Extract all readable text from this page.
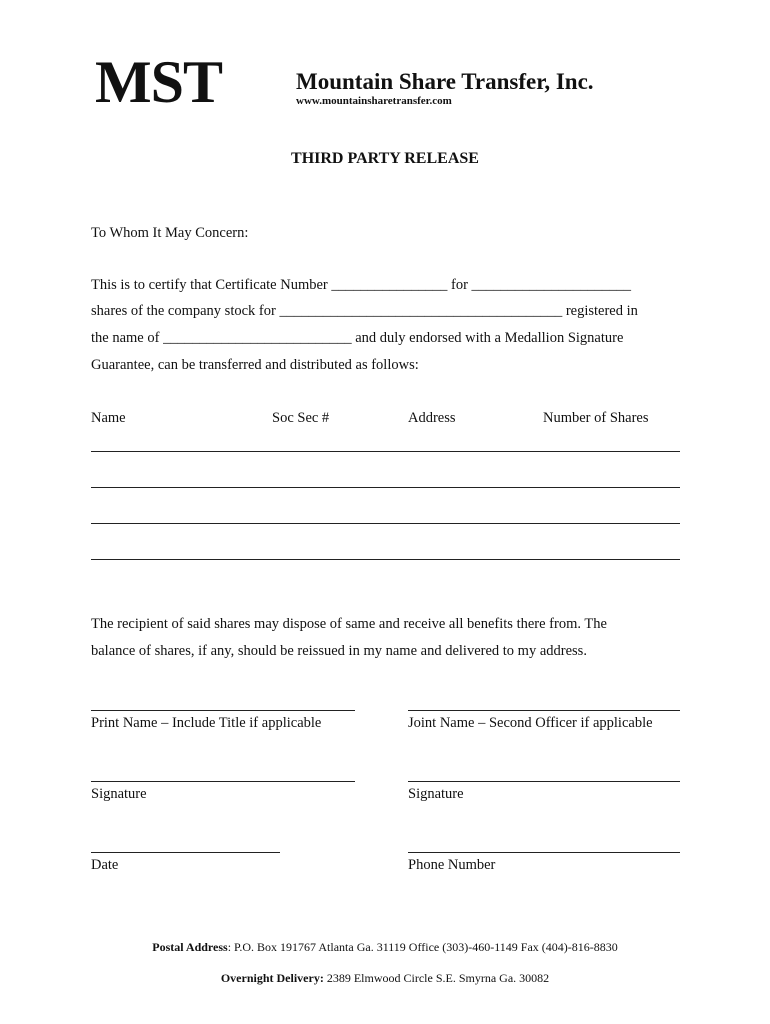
MST	Mountain Share Transfer, Inc.
www.mountainsharetransfer.com
THIRD PARTY RELEASE
To Whom It May Concern:
This is to certify that Certificate Number ________________ for ______________________
shares of the company stock for _______________________________________ registered in
the name of __________________________ and duly endorsed with a Medallion Signature
Guarantee, can be transferred and distributed as follows:
Name	Soc Sec #	Address	Number of Shares
The recipient of said shares may dispose of same and receive all benefits there from. The
balance of shares, if any, should be reissued in my name and delivered to my address.
Print Name – Include Title if applicable	Joint Name – Second Officer if applicable
Signature	Signature
Date	Phone Number
Postal Address: P.O. Box 191767 Atlanta Ga. 31119 Office (303)-460-1149 Fax (404)-816-8830
Overnight Delivery: 2389 Elmwood Circle S.E. Smyrna Ga. 30082
